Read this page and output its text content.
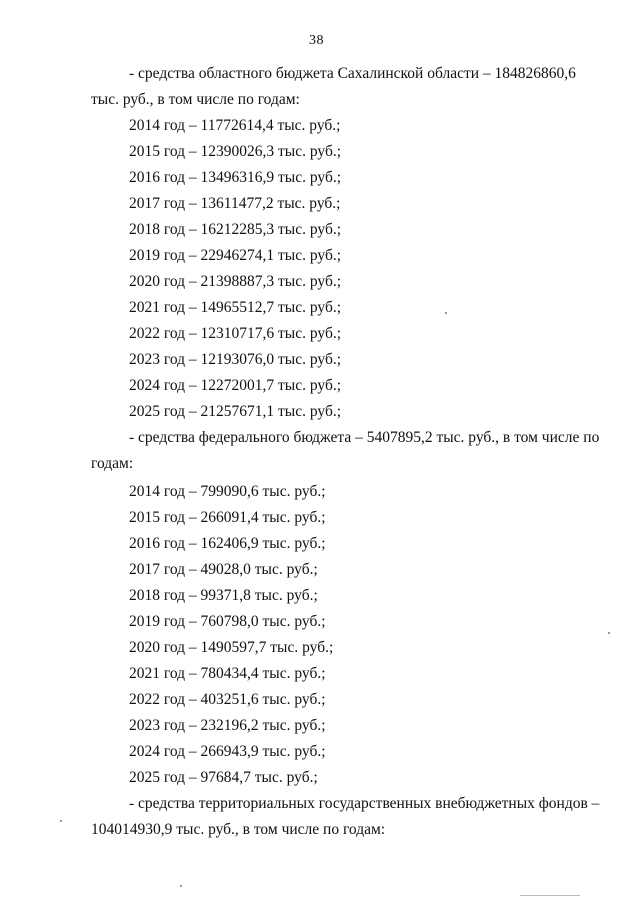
38
- средства областного бюджета Сахалинской области – 184826860,6
тыс. руб., в том числе по годам:
2014 год – 11772614,4 тыс. руб.;
2015 год – 12390026,3 тыс. руб.;
2016 год – 13496316,9 тыс. руб.;
2017 год – 13611477,2 тыс. руб.;
2018 год – 16212285,3 тыс. руб.;
2019 год – 22946274,1 тыс. руб.;
2020 год – 21398887,3 тыс. руб.;
2021 год – 14965512,7 тыс. руб.;
2022 год – 12310717,6 тыс. руб.;
2023 год – 12193076,0 тыс. руб.;
2024 год – 12272001,7 тыс. руб.;
2025 год – 21257671,1 тыс. руб.;
- средства федерального бюджета – 5407895,2 тыс. руб., в том числе по
годам:
2014 год – 799090,6 тыс. руб.;
2015 год – 266091,4 тыс. руб.;
2016 год – 162406,9 тыс. руб.;
2017 год – 49028,0 тыс. руб.;
2018 год – 99371,8 тыс. руб.;
2019 год – 760798,0 тыс. руб.;
2020 год – 1490597,7 тыс. руб.;
2021 год – 780434,4 тыс. руб.;
2022 год – 403251,6 тыс. руб.;
2023 год – 232196,2 тыс. руб.;
2024 год – 266943,9 тыс. руб.;
2025 год – 97684,7 тыс. руб.;
- средства территориальных государственных внебюджетных фондов –
104014930,9 тыс. руб., в том числе по годам:
